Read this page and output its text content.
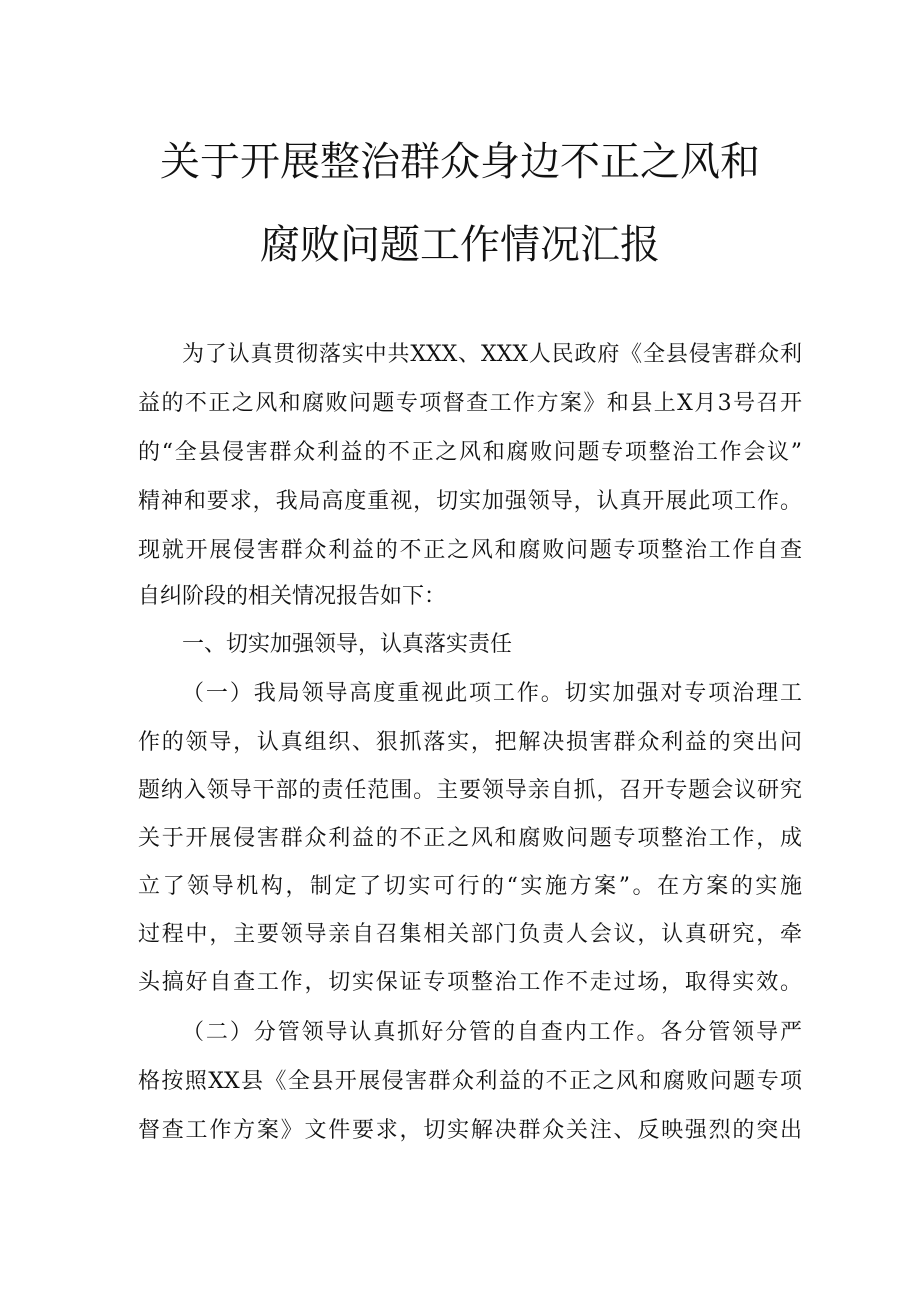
关于开展整治群众身边不正之风和
腐败问题工作情况汇报
为了认真贯彻落实中共XXX、XXX人民政府《全县侵害群众利
益的不正之风和腐败问题专项督查工作方案》和县上X月3号召开
的“全县侵害群众利益的不正之风和腐败问题专项整治工作会议”
精神和要求，我局高度重视，切实加强领导，认真开展此项工作。
现就开展侵害群众利益的不正之风和腐败问题专项整治工作自查
自纠阶段的相关情况报告如下：
一、切实加强领导，认真落实责任
（一）我局领导高度重视此项工作。切实加强对专项治理工
作的领导，认真组织、狠抓落实，把解决损害群众利益的突出问
题纳入领导干部的责任范围。主要领导亲自抓，召开专题会议研究
关于开展侵害群众利益的不正之风和腐败问题专项整治工作，成
立了领导机构，制定了切实可行的“实施方案”。在方案的实施
过程中，主要领导亲自召集相关部门负责人会议，认真研究，牵
头搞好自查工作，切实保证专项整治工作不走过场，取得实效。
（二）分管领导认真抓好分管的自查内工作。各分管领导严
格按照XX县《全县开展侵害群众利益的不正之风和腐败问题专项
督查工作方案》文件要求，切实解决群众关注、反映强烈的突出
